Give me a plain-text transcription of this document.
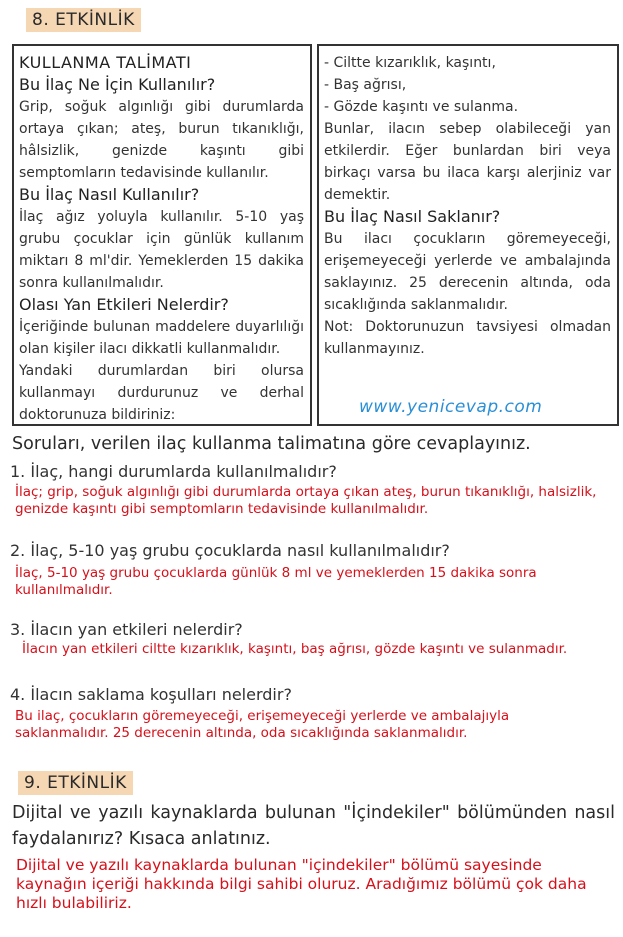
8. ETKİNLİK

KULLANMA TALİMATI

Bu İlaç Ne İçin Kullanılır?

Grip, soğuk algınlığı gibi durumlarda ortaya çıkan; ateş, burun tıkanıklığı, hâlsizlik, genizde kaşıntı gibi semptomların tedavisinde kullanılır.

Bu İlaç Nasıl Kullanılır?

İlaç ağız yoluyla kullanılır. 5-10 yaş grubu çocuklar için günlük kullanım miktarı 8 ml'dir. Yemeklerden 15 dakika sonra kullanılmalıdır.

Olası Yan Etkileri Nelerdir?

İçeriğinde bulunan maddelere duyarlılığı olan kişiler ilacı dikkatli kullanmalıdır.

Yandaki durumlardan biri olursa kullanmayı durdurunuz ve derhal doktorunuza bildiriniz:

- Ciltte kızarıklık, kaşıntı,

- Baş ağrısı,

- Gözde kaşıntı ve sulanma.

Bunlar, ilacın sebep olabileceği yan etkilerdir. Eğer bunlardan biri veya birkaçı varsa bu ilaca karşı alerjiniz var demektir.

Bu İlaç Nasıl Saklanır?

Bu ilacı çocukların göremeyeceği, erişemeyeceği yerlerde ve ambalajında saklayınız. 25 derecenin altında, oda sıcaklığında saklanmalıdır.

Not: Doktorunuzun tavsiyesi olmadan kullanmayınız.

www.yenicevap.com
Soruları, verilen ilaç kullanma talimatına göre cevaplayınız.
1. İlaç, hangi durumlarda kullanılmalıdır?
İlaç; grip, soğuk algınlığı gibi durumlarda ortaya çıkan ateş, burun tıkanıklığı, halsizlik, genizde kaşıntı gibi semptomların tedavisinde kullanılmalıdır.
2. İlaç, 5-10 yaş grubu çocuklarda nasıl kullanılmalıdır?
İlaç, 5-10 yaş grubu çocuklarda günlük 8 ml ve yemeklerden 15 dakika sonra kullanılmalıdır.
3. İlacın yan etkileri nelerdir?
İlacın yan etkileri ciltte kızarıklık, kaşıntı, baş ağrısı, gözde kaşıntı ve sulanmadır.
4. İlacın saklama koşulları nelerdir?
Bu ilaç, çocukların göremeyeceği, erişemeyeceği yerlerde ve ambalajıyla saklanmalıdır. 25 derecenin altında, oda sıcaklığında saklanmalıdır.
9. ETKİNLİK
Dijital ve yazılı kaynaklarda bulunan "İçindekiler" bölümünden nasıl faydalanırız? Kısaca anlatınız.
Dijital ve yazılı kaynaklarda bulunan "içindekiler" bölümü sayesinde kaynağın içeriği hakkında bilgi sahibi oluruz. Aradığımız bölümü çok daha hızlı bulabiliriz.
